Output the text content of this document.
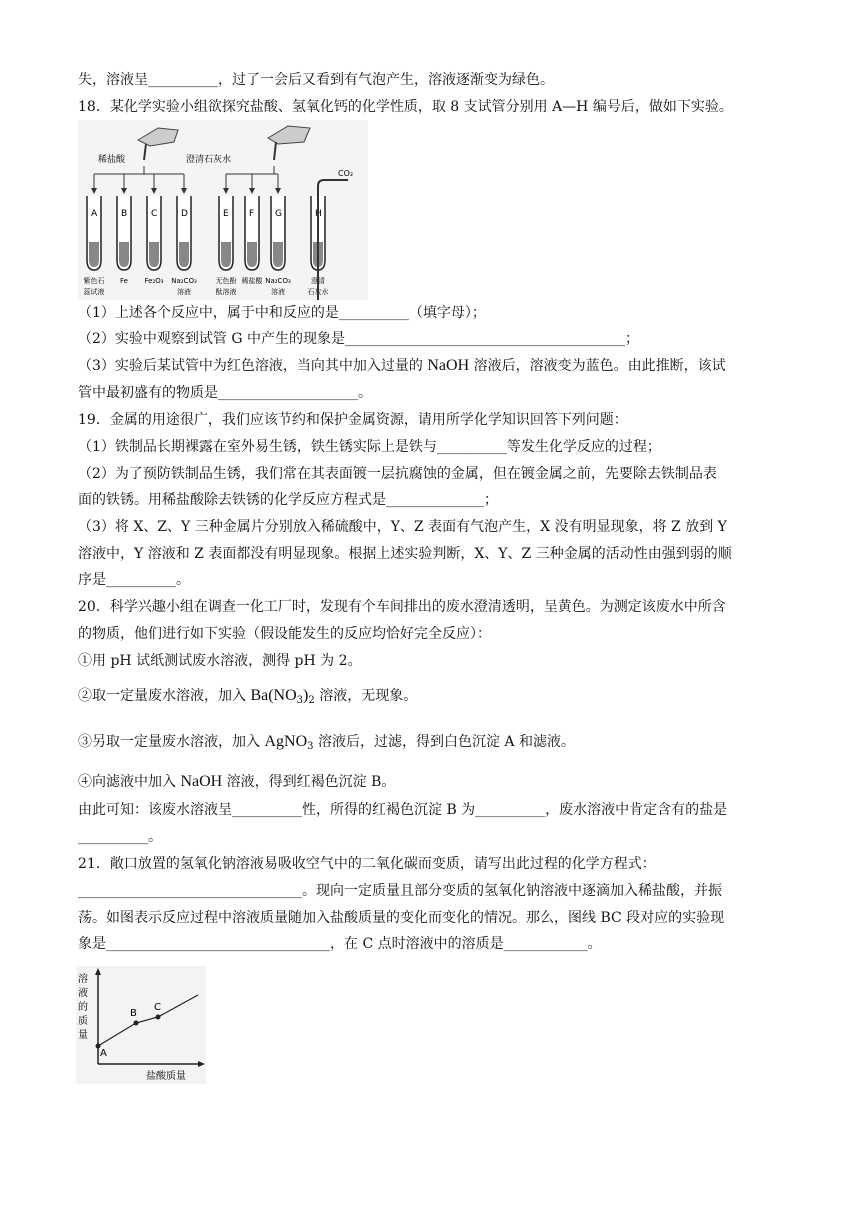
失，溶液呈__________，过了一会后又看到有气泡产生，溶液逐渐变为绿色。
18．某化学实验小组欲探究盐酸、氢氧化钙的化学性质，取 8 支试管分别用 A—H 编号后，做如下实验。
稀盐酸	澄清石灰水
A
紫色石
蕊试液
B
Fe
C
Fe₂O₃
D
Na₂CO₃
溶液
E
无色酚
酞溶液
F
稀盐酸
G
Na₂CO₃
溶液
H
澄清
石灰水
CO₂
（1）上述各个反应中，属于中和反应的是__________（填字母）；
（2）实验中观察到试管 G 中产生的现象是________________________________________；
（3）实验后某试管中为红色溶液，当向其中加入过量的 NaOH 溶液后，溶液变为蓝色。由此推断，该试
管中最初盛有的物质是____________________。
19．金属的用途很广，我们应该节约和保护金属资源，请用所学化学知识回答下列问题：
（1）铁制品长期裸露在室外易生锈，铁生锈实际上是铁与__________等发生化学反应的过程；
（2）为了预防铁制品生锈，我们常在其表面镀一层抗腐蚀的金属，但在镀金属之前，先要除去铁制品表
面的铁锈。用稀盐酸除去铁锈的化学反应方程式是______________；
（3）将 X、Z、Y 三种金属片分别放入稀硫酸中，Y、Z 表面有气泡产生，X 没有明显现象，将 Z 放到 Y
溶液中，Y 溶液和 Z 表面都没有明显现象。根据上述实验判断，X、Y、Z 三种金属的活动性由强到弱的顺
序是__________。
20．科学兴趣小组在调查一化工厂时，发现有个车间排出的废水澄清透明，呈黄色。为测定该废水中所含
的物质，他们进行如下实验（假设能发生的反应均恰好完全反应）：
①用 pH 试纸测试废水溶液，测得 pH 为 2。
②取一定量废水溶液，加入 $Ba(NO_3)_2$ 溶液，无现象。
③另取一定量废水溶液，加入 AgNO$_3$ 溶液后，过滤，得到白色沉淀 A 和滤液。
④向滤液中加入 NaOH 溶液，得到红褐色沉淀 B。
由此可知：该废水溶液呈__________性，所得的红褐色沉淀 B 为__________，废水溶液中肯定含有的盐是
__________。
21．敞口放置的氢氧化钠溶液易吸收空气中的二氧化碳而变质，请写出此过程的化学方程式：
________________________________。现向一定质量且部分变质的氢氧化钠溶液中逐滴加入稀盐酸，并振
荡。如图表示反应过程中溶液质量随加入盐酸质量的变化而变化的情况。那么，图线 BC 段对应的实验现
象是________________________________，在 C 点时溶液中的溶质是____________。
溶
液
的
质
量
A
B
C
盐酸质量
